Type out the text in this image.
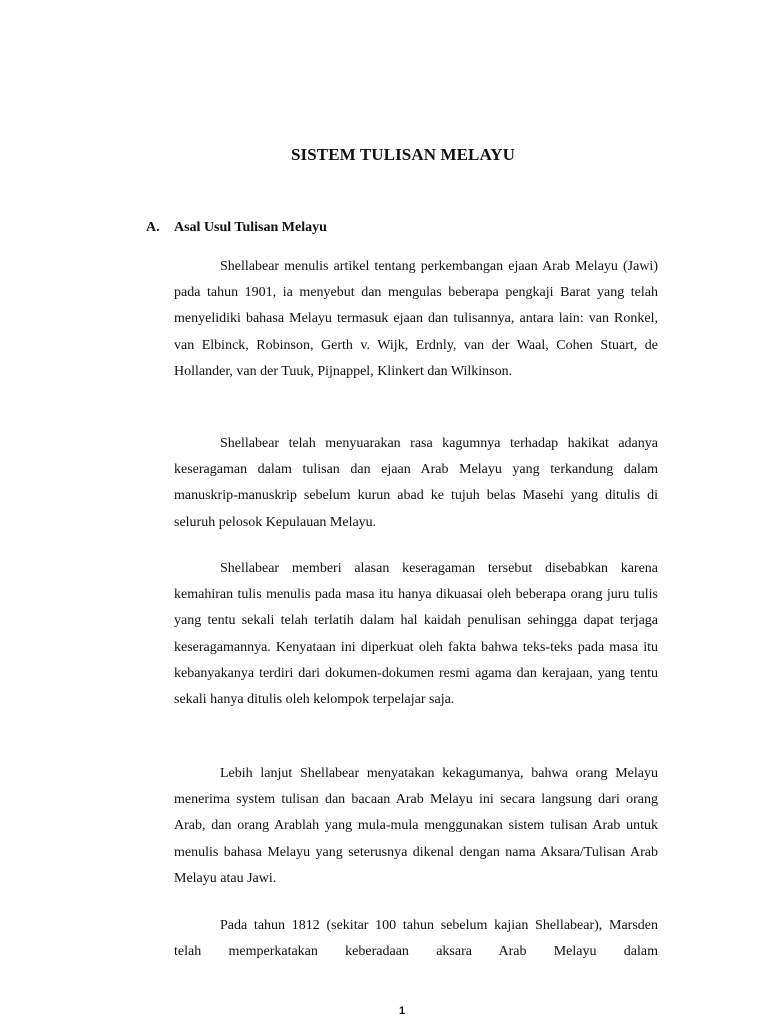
SISTEM TULISAN MELAYU
A. Asal Usul Tulisan Melayu

Shellabear menulis artikel tentang perkembangan ejaan Arab Melayu (Jawi) pada tahun 1901, ia menyebut dan mengulas beberapa pengkaji Barat yang telah menyelidiki bahasa Melayu termasuk ejaan dan tulisannya, antara lain: van Ronkel, van Elbinck, Robinson, Gerth v. Wijk, Erdnly, van der Waal, Cohen Stuart, de Hollander, van der Tuuk, Pijnappel, Klinkert dan Wilkinson.

Shellabear telah menyuarakan rasa kagumnya terhadap hakikat adanya keseragaman dalam tulisan dan ejaan Arab Melayu yang terkandung dalam manuskrip-manuskrip sebelum kurun abad ke tujuh belas Masehi yang ditulis di seluruh pelosok Kepulauan Melayu.

Shellabear memberi alasan keseragaman tersebut disebabkan karena kemahiran tulis menulis pada masa itu hanya dikuasai oleh beberapa orang juru tulis yang tentu sekali telah terlatih dalam hal kaidah penulisan sehingga dapat terjaga keseragamannya. Kenyataan ini diperkuat oleh fakta bahwa teks-teks pada masa itu kebanyakanya terdiri dari dokumen-dokumen resmi agama dan kerajaan, yang tentu sekali hanya ditulis oleh kelompok terpelajar saja.

Lebih lanjut Shellabear menyatakan kekagumanya, bahwa orang Melayu menerima system tulisan dan bacaan Arab Melayu ini secara langsung dari orang Arab, dan orang Arablah yang mula-mula menggunakan sistem tulisan Arab untuk menulis bahasa Melayu yang seterusnya dikenal dengan nama Aksara/Tulisan Arab Melayu atau Jawi.

Pada tahun 1812 (sekitar 100 tahun sebelum kajian Shellabear), Marsden telah memperkatakan keberadaan aksara Arab Melayu dalam

1
